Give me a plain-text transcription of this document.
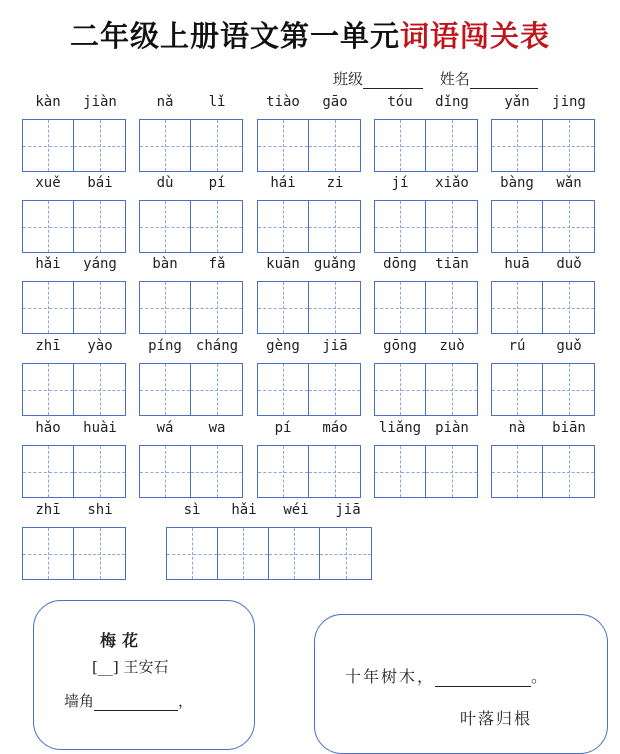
二年级上册语文第一单元词语闯关表
班级	姓名
kàn	jiàn	nǎ	lǐ	tiào	gāo	tóu	dǐng	yǎn	jing
xuě	bái	dù	pí	hái	zi	jí	xiǎo	bàng	wǎn
hǎi	yáng	bàn	fǎ	kuān	guǎng	dōng	tiān	huā	duǒ
zhī	yào	píng	cháng	gèng	jiā	gōng	zuò	rú	guǒ
hǎo	huài	wá	wa	pí	máo	liǎng	piàn	nà	biān
zhī	shi	sì	hǎi	wéi	jiā
梅花
[__] 王安石
墙角	，
十年树木，	。
叶落归根
